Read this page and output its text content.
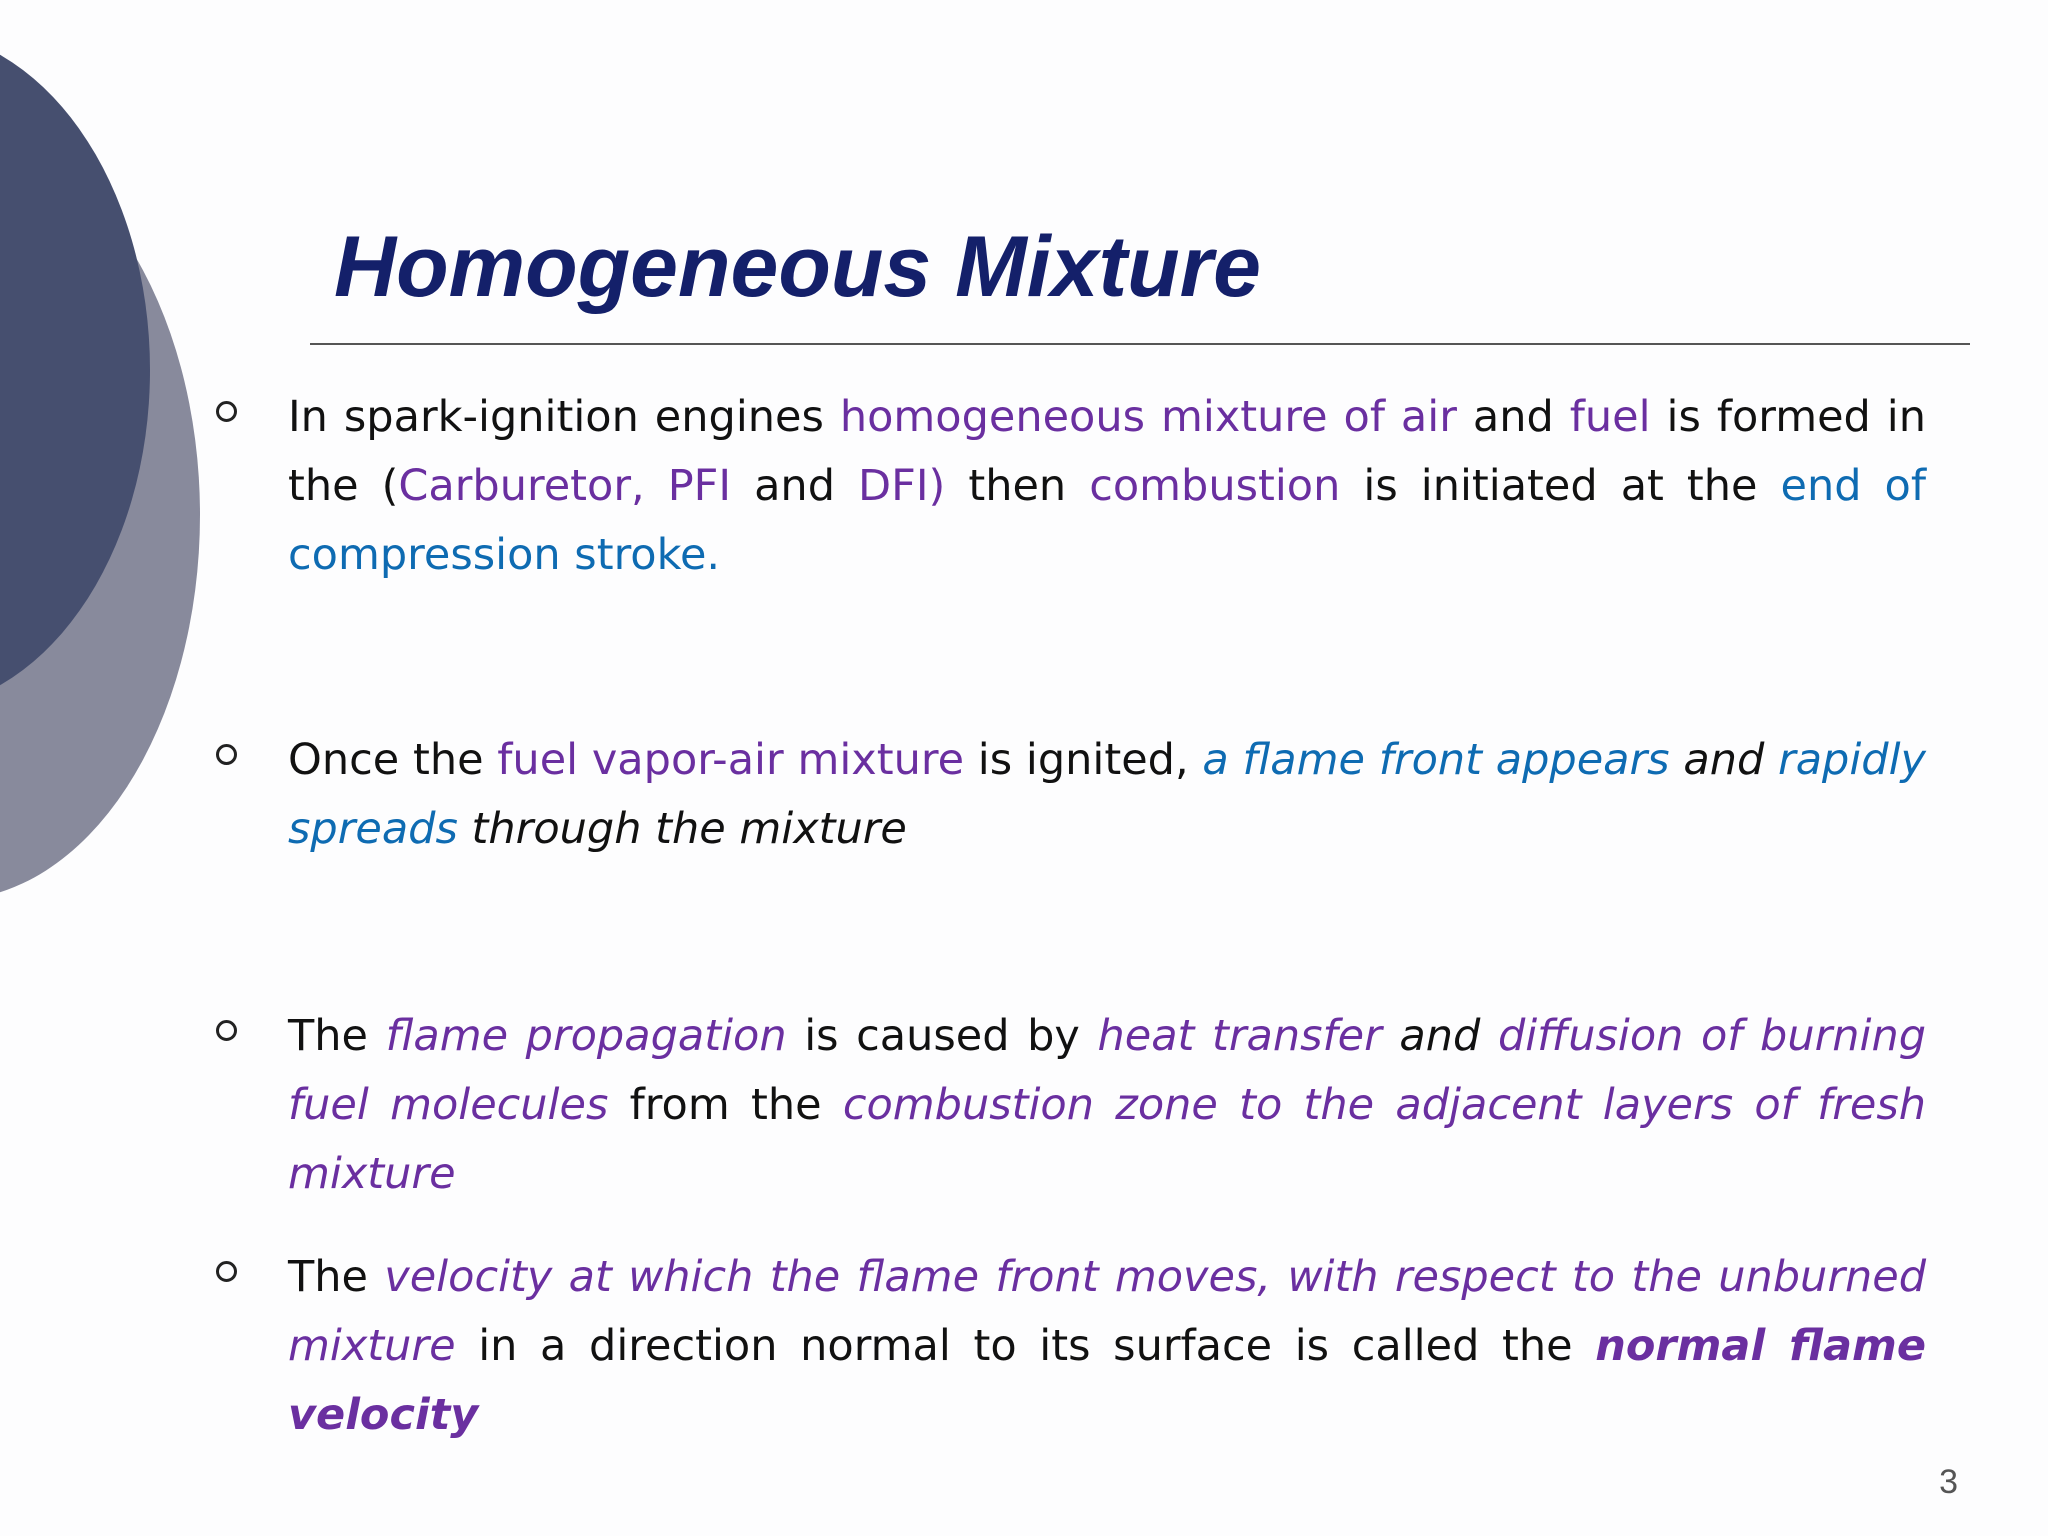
Homogeneous Mixture
In spark-ignition engines homogeneous mixture of air and fuel is formed in the (Carburetor, PFI and DFI) then combustion is initiated at the end of compression stroke.
Once the fuel vapor-air mixture is ignited, a flame front appears and rapidly spreads through the mixture
The flame propagation is caused by heat transfer and diffusion of burning fuel molecules from the combustion zone to the adjacent layers of fresh mixture
The velocity at which the flame front moves, with respect to the unburned mixture in a direction normal to its surface is called the normal flame velocity
3
